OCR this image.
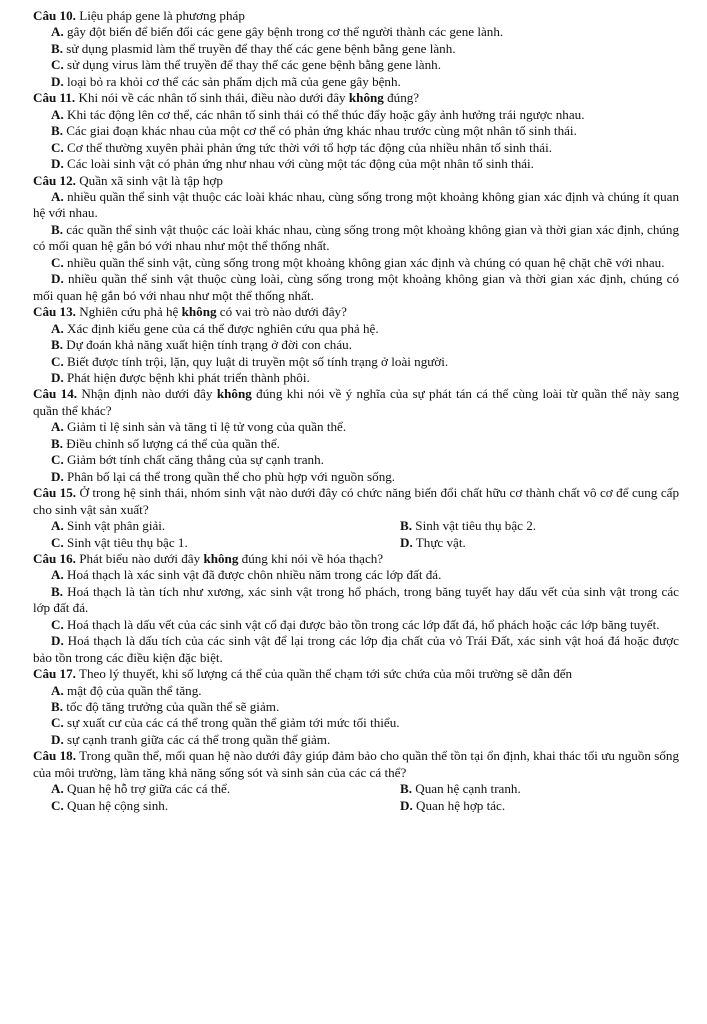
Câu 10. Liệu pháp gene là phương pháp

A. gây đột biến để biến đổi các gene gây bệnh trong cơ thể người thành các gene lành.

B. sử dụng plasmid làm thể truyền để thay thế các gene bệnh bằng gene lành.

C. sử dụng virus làm thể truyền để thay thế các gene bệnh bằng gene lành.

D. loại bỏ ra khỏi cơ thể các sản phẩm dịch mã của gene gây bệnh.

Câu 11. Khi nói về các nhân tố sinh thái, điều nào dưới đây không đúng?

A. Khi tác động lên cơ thể, các nhân tố sinh thái có thể thúc đẩy hoặc gây ảnh hưởng trái ngược nhau.

B. Các giai đoạn khác nhau của một cơ thể có phản ứng khác nhau trước cùng một nhân tố sinh thái.

C. Cơ thể thường xuyên phải phản ứng tức thời với tổ hợp tác động của nhiều nhân tố sinh thái.

D. Các loài sinh vật có phản ứng như nhau với cùng một tác động của một nhân tố sinh thái.

Câu 12. Quần xã sinh vật là tập hợp

A. nhiều quần thể sinh vật thuộc các loài khác nhau, cùng sống trong một khoảng không gian xác định và chúng ít quan hệ với nhau.

B. các quần thể sinh vật thuộc các loài khác nhau, cùng sống trong một khoảng không gian và thời gian xác định, chúng có mối quan hệ gắn bó với nhau như một thể thống nhất.

C. nhiều quần thể sinh vật, cùng sống trong một khoảng không gian xác định và chúng có quan hệ chặt chẽ với nhau.

D. nhiều quần thể sinh vật thuộc cùng loài, cùng sống trong một khoảng không gian và thời gian xác định, chúng có mối quan hệ gắn bó với nhau như một thể thống nhất.

Câu 13. Nghiên cứu phả hệ không có vai trò nào dưới đây?

A. Xác định kiểu gene của cá thể được nghiên cứu qua phả hệ.

B. Dự đoán khả năng xuất hiện tính trạng ở đời con cháu.

C. Biết được tính trội, lặn, quy luật di truyền một số tính trạng ở loài người.

D. Phát hiện được bệnh khi phát triển thành phôi.

Câu 14. Nhận định nào dưới đây không đúng khi nói về ý nghĩa của sự phát tán cá thể cùng loài từ quần thể này sang quần thể khác?

A. Giảm tỉ lệ sinh sản và tăng tỉ lệ tử vong của quần thể.

B. Điều chỉnh số lượng cá thể của quần thể.

C. Giảm bớt tính chất căng thẳng của sự cạnh tranh.

D. Phân bố lại cá thể trong quần thể cho phù hợp với nguồn sống.

Câu 15. Ở trong hệ sinh thái, nhóm sinh vật nào dưới đây có chức năng biến đổi chất hữu cơ thành chất vô cơ để cung cấp cho sinh vật sản xuất?

A. Sinh vật phân giải.	B. Sinh vật tiêu thụ bậc 2.
C. Sinh vật tiêu thụ bậc 1.	D. Thực vật.

Câu 16. Phát biểu nào dưới đây không đúng khi nói về hóa thạch?

A. Hoá thạch là xác sinh vật đã được chôn nhiều năm trong các lớp đất đá.

B. Hoá thạch là tàn tích như xương, xác sinh vật trong hổ phách, trong băng tuyết hay dấu vết của sinh vật trong các lớp đất đá.

C. Hoá thạch là dấu vết của các sinh vật cổ đại được bảo tồn trong các lớp đất đá, hổ phách hoặc các lớp băng tuyết.

D. Hoá thạch là dấu tích của các sinh vật để lại trong các lớp địa chất của vỏ Trái Đất, xác sinh vật hoá đá hoặc được bảo tồn trong các điều kiện đặc biệt.

Câu 17. Theo lý thuyết, khi số lượng cá thể của quần thể chạm tới sức chứa của môi trường sẽ dẫn đến

A. mật độ của quần thể tăng.

B. tốc độ tăng trưởng của quần thể sẽ giảm.

C. sự xuất cư của các cá thể trong quần thể giảm tới mức tối thiểu.

D. sự cạnh tranh giữa các cá thể trong quần thể giảm.

Câu 18. Trong quần thể, mối quan hệ nào dưới đây giúp đảm bảo cho quần thể tồn tại ổn định, khai thác tối ưu nguồn sống của môi trường, làm tăng khả năng sống sót và sinh sản của các cá thể?

A. Quan hệ hỗ trợ giữa các cá thể.	B. Quan hệ cạnh tranh.
C. Quan hệ cộng sinh.	D. Quan hệ hợp tác.
